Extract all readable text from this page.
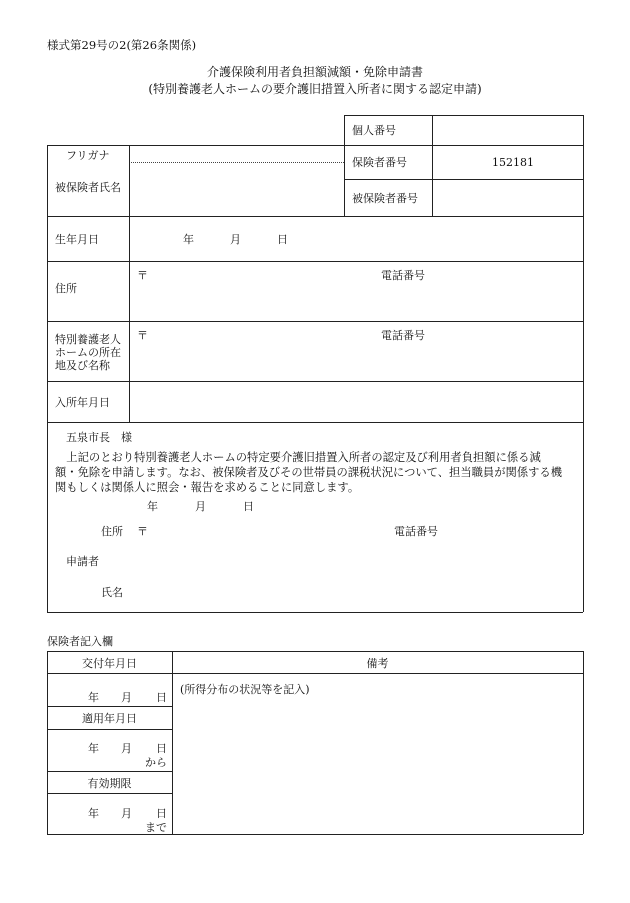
様式第29号の2(第26条関係)
介護保険利用者負担額減額・免除申請書
(特別養護老人ホームの要介護旧措置入所者に関する認定申請)
個人番号
フリガナ
被保険者氏名
保険者番号	152181
被保険者番号
生年月日	年	月	日
住所
〒	電話番号
特別養護老人
ホームの所在
地及び名称
〒	電話番号
入所年月日
五泉市長　様
　上記のとおり特別養護老人ホームの特定要介護旧措置入所者の認定及び利用者負担額に係る減
額・免除を申請します。なお、被保険者及びその世帯員の課税状況について、担当職員が関係する機
関もしくは関係人に照会・報告を求めることに同意します。
年	月	日
住所 〒	電話番号
申請者
氏名
保険者記入欄
交付年月日	備考
(所得分布の状況等を記入)
年 月 日
適用年月日
年 月 日
から
有効期限
年 月 日
まで
